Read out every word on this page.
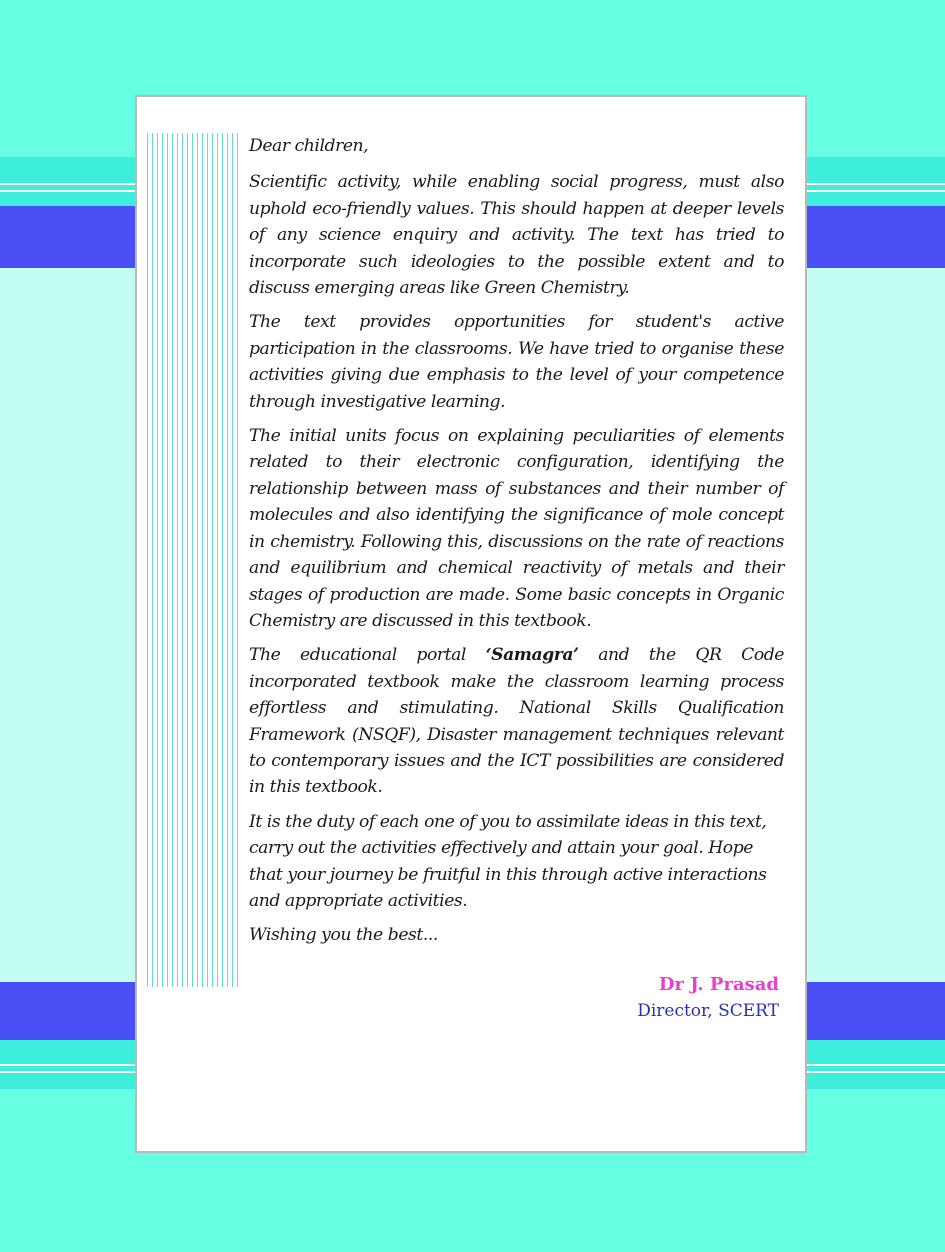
Dear children,

Scientific activity, while enabling social progress, must also uphold eco-friendly values. This should happen at deeper levels of any science enquiry and activity. The text has tried to incorporate such ideologies to the possible extent and to discuss emerging areas like Green Chemistry.

The text provides opportunities for student's active participation in the classrooms. We have tried to organise these activities giving due emphasis to the level of your competence through investigative learning.

The initial units focus on explaining peculiarities of elements related to their electronic configuration, identifying the relationship between mass of substances and their number of molecules and also identifying the significance of mole concept in chemistry. Following this, discussions on the rate of reactions and equilibrium and chemical reactivity of metals and their stages of production are made. Some basic concepts in Organic Chemistry are discussed in this textbook.

The educational portal ‘Samagra’ and the QR Code incorporated textbook make the classroom learning process effortless and stimulating. National Skills Qualification Framework (NSQF), Disaster management techniques relevant to contemporary issues and the ICT possibilities are considered in this textbook.

It is the duty of each one of you to assimilate ideas in this text, carry out the activities effectively and attain your goal. Hope that your journey be fruitful in this through active interactions and appropriate activities.

Wishing you the best...

Dr J. Prasad
Director, SCERT
